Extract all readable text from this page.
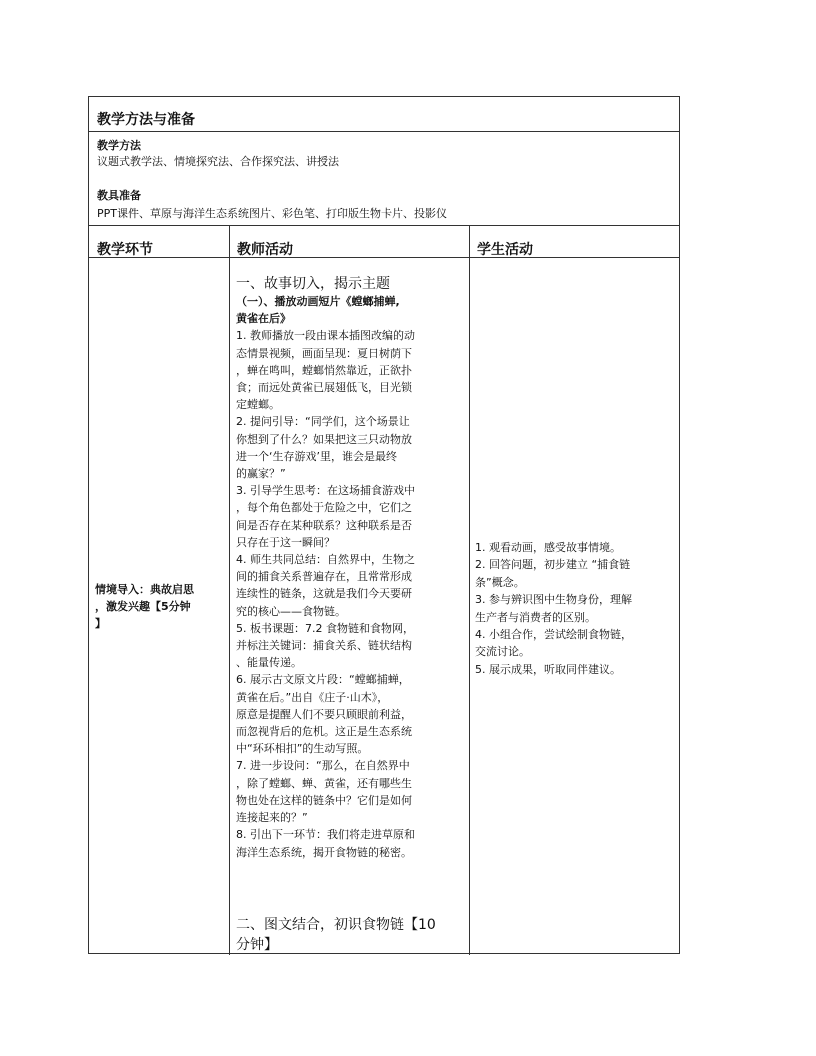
教学方法与准备
教学方法
议题式教学法、情境探究法、合作探究法、讲授法
教具准备
PPT课件、草原与海洋生态系统图片、彩色笔、打印版生物卡片、投影仪
教学环节	教师活动	学生活动
情境导入：典故启思
，激发兴趣【5分钟
】
一、故事切入，揭示主题
（一）、播放动画短片《螳螂捕蝉,
黄雀在后》
1. 教师播放一段由课本插图改编的动
态情景视频，画面呈现：夏日树荫下
，蝉在鸣叫，螳螂悄然靠近，正欲扑
食；而远处黄雀已展翅低飞，目光锁
定螳螂。
2. 提问引导：“同学们，这个场景让
你想到了什么？如果把这三只动物放
进一个‘生存游戏’里，谁会是最终
的赢家？”
3. 引导学生思考：在这场捕食游戏中
，每个角色都处于危险之中，它们之
间是否存在某种联系？这种联系是否
只存在于这一瞬间？
4. 师生共同总结：自然界中，生物之
间的捕食关系普遍存在，且常常形成
连续性的链条，这就是我们今天要研
究的核心——食物链。
5. 板书课题：7.2 食物链和食物网，
并标注关键词：捕食关系、链状结构
、能量传递。
6. 展示古文原文片段：“螳螂捕蝉，
黄雀在后。”出自《庄子·山木》，
原意是提醒人们不要只顾眼前利益，
而忽视背后的危机。这正是生态系统
中“环环相扣”的生动写照。
7. 进一步设问：“那么，在自然界中
，除了螳螂、蝉、黄雀，还有哪些生
物也处在这样的链条中？它们是如何
连接起来的？”
8. 引出下一环节：我们将走进草原和
海洋生态系统，揭开食物链的秘密。
二、图文结合，初识食物链【10
分钟】

1. 观看动画，感受故事情境。

2. 回答问题，初步建立 “捕食链

条”概念。

3. 参与辨识图中生物身份，理解

生产者与消费者的区别。

4. 小组合作，尝试绘制食物链，

交流讨论。

5. 展示成果，听取同伴建议。
